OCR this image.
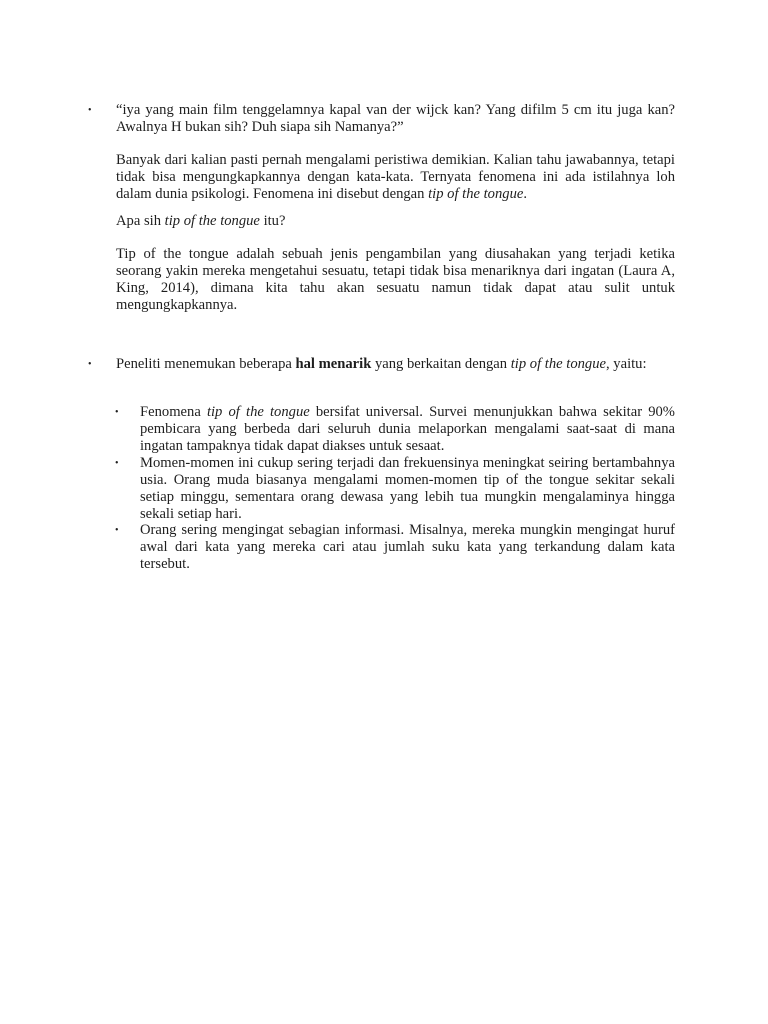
• “iya yang main film tenggelamnya kapal van der wijck kan? Yang difilm 5 cm itu juga kan? Awalnya H bukan sih? Duh siapa sih Namanya?”

Banyak dari kalian pasti pernah mengalami peristiwa demikian. Kalian tahu jawabannya, tetapi tidak bisa mengungkapkannya dengan kata-kata. Ternyata fenomena ini ada istilahnya loh dalam dunia psikologi. Fenomena ini disebut dengan tip of the tongue.

Apa sih tip of the tongue itu?

Tip of the tongue adalah sebuah jenis pengambilan yang diusahakan yang terjadi ketika seorang yakin mereka mengetahui sesuatu, tetapi tidak bisa menariknya dari ingatan (Laura A, King, 2014), dimana kita tahu akan sesuatu namun tidak dapat atau sulit untuk mengungkapkannya.

• Peneliti menemukan beberapa hal menarik yang berkaitan dengan tip of the tongue, yaitu:

• Fenomena tip of the tongue bersifat universal. Survei menunjukkan bahwa sekitar 90% pembicara yang berbeda dari seluruh dunia melaporkan mengalami saat-saat di mana ingatan tampaknya tidak dapat diakses untuk sesaat.

• Momen-momen ini cukup sering terjadi dan frekuensinya meningkat seiring bertambahnya usia. Orang muda biasanya mengalami momen-momen tip of the tongue sekitar sekali setiap minggu, sementara orang dewasa yang lebih tua mungkin mengalaminya hingga sekali setiap hari.

• Orang sering mengingat sebagian informasi. Misalnya, mereka mungkin mengingat huruf awal dari kata yang mereka cari atau jumlah suku kata yang terkandung dalam kata tersebut.
